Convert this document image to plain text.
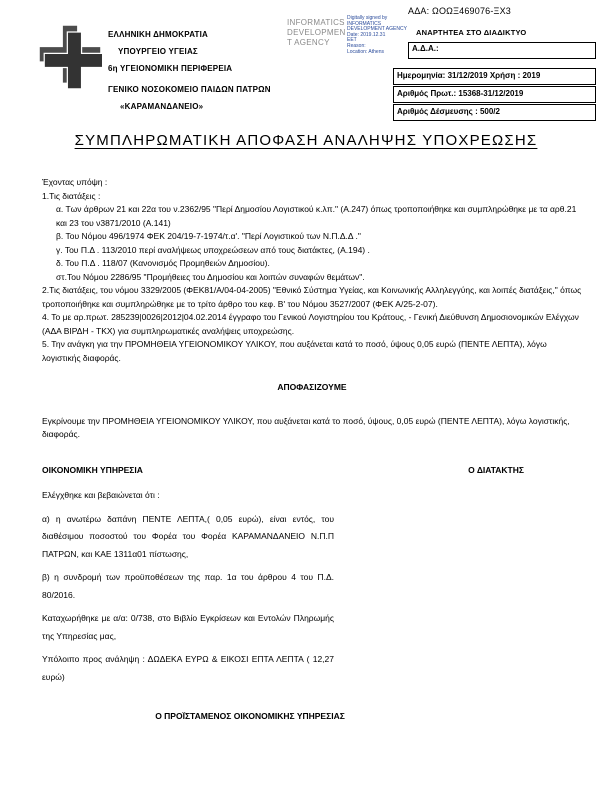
ΕΛΛΗΝΙΚΗ ΔΗΜΟΚΡΑΤΙΑ
ΥΠΟΥΡΓΕΙΟ ΥΓΕΙΑΣ
6η ΥΓΕΙΟΝΟΜΙΚΗ ΠΕΡΙΦΕΡΕΙΑ
ΓΕΝΙΚΟ ΝΟΣΟΚΟΜΕΙΟ ΠΑΙΔΩΝ ΠΑΤΡΩΝ
«ΚΑΡΑΜΑΝΔΑΝΕΙΟ»
INFORMATICS
DEVELOPMEN
T AGENCY
Digitally signed by
INFORMATICS
DEVELOPMENT AGENCY
Date: 2019.12.31
EET
Reason:
Location: Athens
ΑΔΑ: ΩΟΩΞ469076-ΞΧ3
ΑΝΑΡΤΗΤΕΑ ΣΤΟ ΔΙΑΔΙΚΤΥΟ
Α.Δ.Α.:
Ημερομηνία: 31/12/2019 Χρήση : 2019
Αριθμός Πρωτ.: 15368-31/12/2019
Αριθμός Δέσμευσης : 500/2
ΣΥΜΠΛΗΡΩΜΑΤΙΚΗ ΑΠΟΦΑΣΗ ΑΝΑΛΗΨΗΣ ΥΠΟΧΡΕΩΣΗΣ

Έχοντας υπόψη :

1.Τις διατάξεις :

α. Των άρθρων 21 και 22α του ν.2362/95 "Περί Δημοσίου Λογιστικού κ.λπ." (Α.247) όπως τροποποιήθηκε και συμπληρώθηκε με τα αρθ.21 και 23 του ν3871/2010 (Α.141)

β. Του Νόμου 496/1974 ΦΕΚ 204/19-7-1974/τ.α'. "Περί Λογιστικού των Ν.Π.Δ.Δ ."

γ. Του Π.Δ . 113/2010 περί αναλήψεως υποχρεώσεων από τους διατάκτες, (Α.194) .

δ. Του Π.Δ . 118/07 (Κανονισμός Προμηθειών Δημοσίου).

στ.Του Νόμου 2286/95 "Προμήθειες του Δημοσίου και λοιπών συναφών θεμάτων".

2.Τις διατάξεις, του νόμου 3329/2005 (ΦΕΚ81/Α/04-04-2005) "Εθνικό Σύστημα Υγείας, και Κοινωνικής Αλληλεγγύης, και λοιπές διατάξεις," όπως τροποποιήθηκε και συμπληρώθηκε με το τρίτο άρθρο του κεφ. Β' του Νόμου 3527/2007 (ΦΕΚ Α/25-2-07).

4. Το με αρ.πρωτ. 285239|0026|2012|04.02.2014 έγγραφο του Γενικού Λογιστηρίου του Κράτους, - Γενική Διεύθυνση Δημοσιονομικών Ελέγχων (ΑΔΑ ΒΙΡΔΗ - ΤΚΧ) για συμπληρωματικές αναλήψεις υποχρεώσης.

5. Την ανάγκη για την ΠΡΟΜΗΘΕΙΑ ΥΓΕΙΟΝΟΜΙΚΟΥ ΥΛΙΚΟΥ, που αυξάνεται κατά το ποσό, ύψους 0,05 ευρώ (ΠΕΝΤΕ ΛΕΠΤΑ), λόγω λογιστικής διαφοράς.

ΑΠΟΦΑΣΙΖΟΥΜΕ
Εγκρίνουμε την ΠΡΟΜΗΘΕΙΑ ΥΓΕΙΟΝΟΜΙΚΟΥ ΥΛΙΚΟΥ, που αυξάνεται κατά το ποσό, ύψους, 0,05 ευρώ (ΠΕΝΤΕ ΛΕΠΤΑ), λόγω λογιστικής, διαφοράς.
ΟΙΚΟΝΟΜΙΚΗ ΥΠΗΡΕΣΙΑ	Ο ΔΙΑΤΑΚΤΗΣ

Ελέγχθηκε και βεβαιώνεται ότι :

α) η ανωτέρω δαπάνη ΠΕΝΤΕ ΛΕΠΤΑ,( 0,05 ευρώ), είναι εντός, του διαθέσιμου ποσοστού του Φορέα του Φορέα ΚΑΡΑΜΑΝΔΑΝΕΙΟ Ν.Π.Π ΠΑΤΡΩΝ, και ΚΑΕ 1311α01 πίστωσης,

β) η συνδρομή των προϋποθέσεων της παρ. 1α του άρθρου 4 του Π.Δ. 80/2016.

Καταχωρήθηκε με α/α: 0/738, στο Βιβλίο Εγκρίσεων και Εντολών Πληρωμής της Υπηρεσίας μας,

Υπόλοιπο προς ανάληψη : ΔΩΔΕΚΑ ΕΥΡΩ & ΕΙΚΟΣΙ ΕΠΤΑ ΛΕΠΤΑ ( 12,27 ευρώ)

Ο ΠΡΟΪΣΤΑΜΕΝΟΣ ΟΙΚΟΝΟΜΙΚΗΣ ΥΠΗΡΕΣΙΑΣ
